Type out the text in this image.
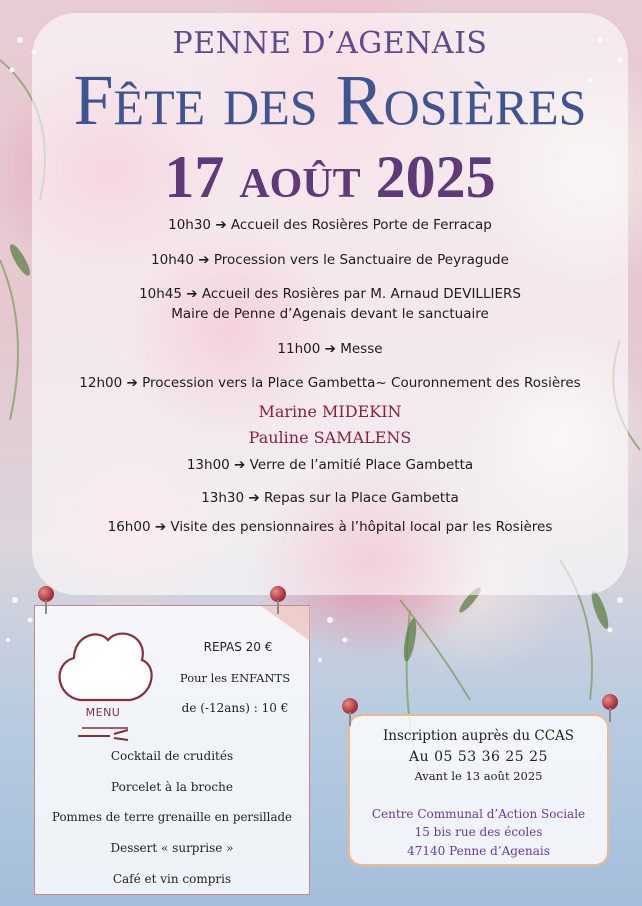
PENNE D’AGENAIS
Fête des Rosières
17 août 2025
10h30 ➔ Accueil des Rosières Porte de Ferracap
10h40 ➔ Procession vers le Sanctuaire de Peyragude
10h45 ➔ Accueil des Rosières par M. Arnaud DEVILLIERS
Maire de Penne d’Agenais devant le sanctuaire
11h00 ➔ Messe
12h00 ➔ Procession vers la Place Gambetta~ Couronnement des Rosières
Marine MIDEKIN
Pauline SAMALENS
13h00 ➔ Verre de l’amitié Place Gambetta
13h30 ➔ Repas sur la Place Gambetta
16h00 ➔ Visite des pensionnaires à l’hôpital local par les Rosières
MENU
REPAS 20 €
Pour les ENFANTS
de (-12ans) : 10 €
Cocktail de crudités
Porcelet à la broche
Pommes de terre grenaille en persillade
Dessert « surprise »
Café et vin compris
Inscription auprès du CCAS
Au 05 53 36 25 25
Avant le 13 août 2025
Centre Communal d’Action Sociale
15 bis rue des écoles
47140 Penne d’Agenais
